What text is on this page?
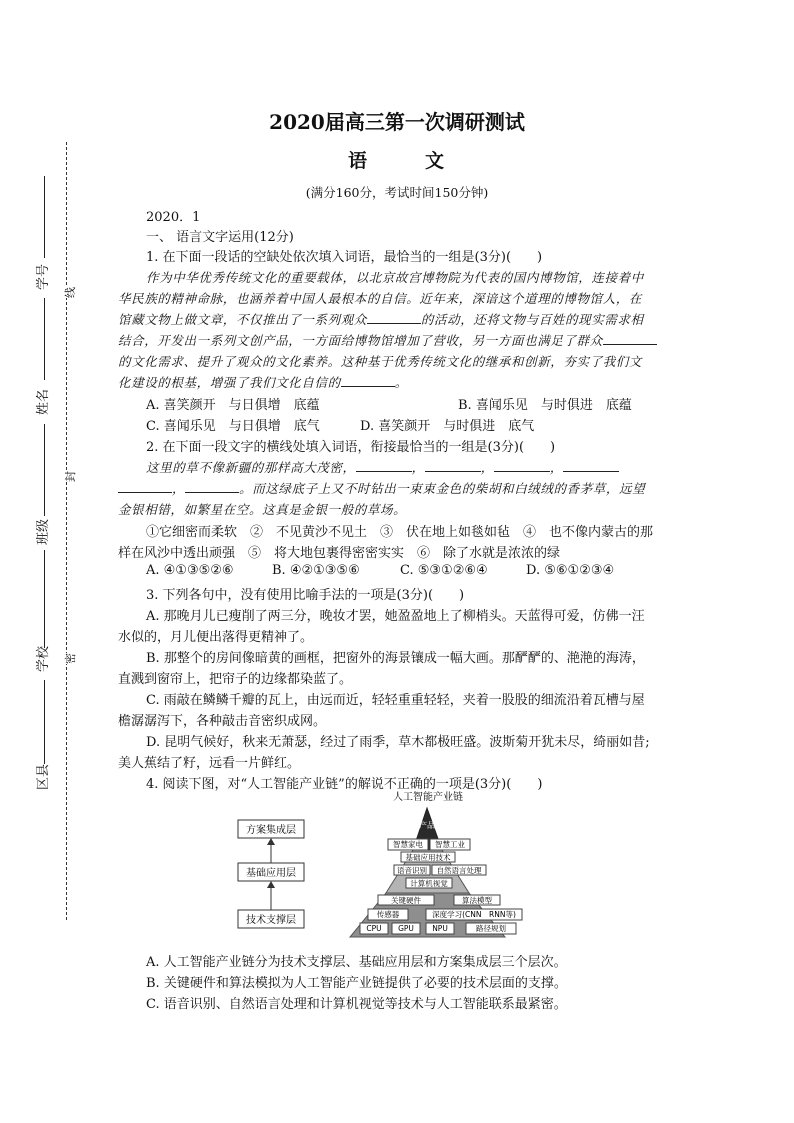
学号
姓名
班级
学校
区县
线
封
密
2020届高三第一次调研测试
语	文
(满分160分，考试时间150分钟)
2020．1
一、 语言文字运用(12分)
1. 在下面一段话的空缺处依次填入词语，最恰当的一组是(3分)(　　)
作为中华优秀传统文化的重要载体，以北京故宫博物院为代表的国内博物馆，连接着中
华民族的精神命脉，也涵养着中国人最根本的自信。近年来，深谙这个道理的博物馆人，在
馆藏文物上做文章，不仅推出了一系列观众	的活动，还将文物与百姓的现实需求相
结合，开发出一系列文创产品，一方面给博物馆增加了营收，另一方面也满足了群众
的文化需求、提升了观众的文化素养。这种基于优秀传统文化的继承和创新，夯实了我们文
化建设的根基，增强了我们文化自信的	。
A. 喜笑颜开　与日俱增　底蕴	B. 喜闻乐见　与时俱进　底蕴
C. 喜闻乐见　与日俱增　底气	D. 喜笑颜开　与时俱进　底气
2. 在下面一段文字的横线处填入词语，衔接最恰当的一组是(3分)(　　)
这里的草不像新疆的那样高大茂密，	，	，	，
，	。而这绿底子上又不时钻出一束束金色的柴胡和白绒绒的香茅草，远望
金银相错，如繁星在空。这真是金银一般的草场。
①它细密而柔软　②　不见黄沙不见土　③　伏在地上如毯如毡　④　也不像内蒙古的那
样在风沙中透出顽强　⑤　将大地包裹得密密实实　⑥　除了水就是浓浓的绿
A. ④①③⑤②⑥	B. ④②①③⑤⑥	C. ⑤③①②⑥④	D. ⑤⑥①②③④
3. 下列各句中，没有使用比喻手法的一项是(3分)(　　)
A. 那晚月儿已瘦削了两三分，晚妆才罢，她盈盈地上了柳梢头。天蓝得可爱，仿佛一汪
水似的，月儿便出落得更精神了。
B. 那整个的房间像暗黄的画框，把窗外的海景镶成一幅大画。那酽酽的、滟滟的海涛，
直溅到窗帘上，把帘子的边缘都染蓝了。
C. 雨敲在鳞鳞千瓣的瓦上，由远而近，轻轻重重轻轻，夹着一股股的细流沿着瓦槽与屋
檐潺潺泻下，各种敲击音密织成网。
D. 昆明气候好，秋来无萧瑟，经过了雨季，草木都极旺盛。波斯菊开犹未尽，绮丽如昔;
美人蕉结了籽，远看一片鲜红。
4. 阅读下图，对“人工智能产业链”的解说不正确的一项是(3分)(　　)
人工智能产业链
方案集成层
基础应用层
技术支撑层
产品
智慧家电 智慧工业
基础应用技术
语音识别 自然语言处理
计算机视觉
关键硬件	算法模型
传感器	深度学习(CNN　RNN等)
CPU GPU NPU	路径规划
A. 人工智能产业链分为技术支撑层、基础应用层和方案集成层三个层次。
B. 关键硬件和算法模拟为人工智能产业链提供了必要的技术层面的支撑。
C. 语音识别、自然语言处理和计算机视觉等技术与人工智能联系最紧密。
